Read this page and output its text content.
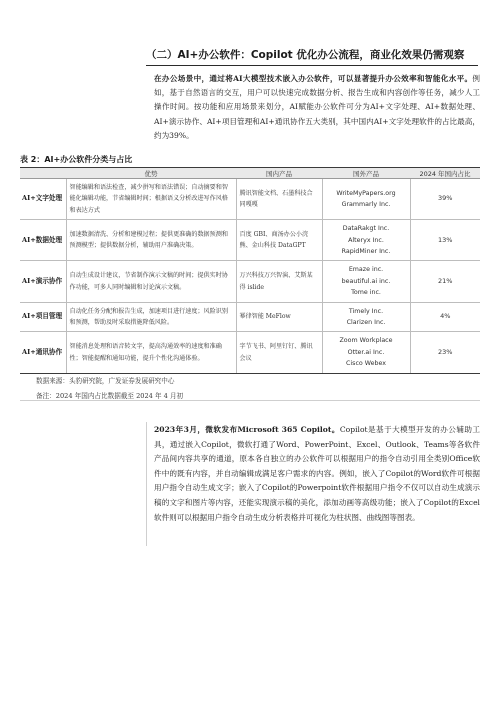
（二）AI+办公软件：Copilot 优化办公流程，商业化效果仍需观察
在办公场景中，通过将AI大模型技术嵌入办公软件，可以显著提升办公效率和智能化水平。例如，基于自然语言的交互，用户可以快速完成数据分析、报告生成和内容创作等任务，减少人工操作时间。按功能和应用场景来划分，AI赋能办公软件可分为AI+文字处理、AI+数据处理、AI+演示协作、AI+项目管理和AI+通讯协作五大类别，其中国内AI+文字处理软件的占比最高，约为39%。
表 2：AI+办公软件分类与占比
	优势	国内产品	国外产品	2024 年国内占比
AI+文字处理	智能编辑和语法检查，减少拼写和语法错误；自动摘要和智能化编辑功能，节省编辑时间；根据语义分析改进写作风格和表达方式	腾讯智能文档、石墨科技合同嘎嘎	WriteMyPapers.org
Grammarly Inc.	39%
AI+数据处理	加速数据清洗、分析和建模过程；提供更准确的数据预测和预测模型；提供数据分析，辅助用户准确决策。	百度 GBI、商汤办公小浣熊、金山科技 DataGPT	DataRakgt Inc.
Alteryx Inc.
RapidMiner Inc.	13%
AI+演示协作	自动生成设计建议，节省制作演示文稿的时间；提供实时协作功能，可多人同时编辑和讨论演示文稿。	万兴科技万兴智演、艾斯某得 islide	Emaze inc.
beautiful.ai inc.
Tome inc.	21%
AI+项目管理	自动化任务分配和报告生成，加速项目进行速度；风险识别和预测，帮助及时采取措施降低风险。	幂律智能 MeFlow	Timely Inc.
Clarizen Inc.	4%
AI+通讯协作	智能消息处理和语音转文字，提高沟通效率的速度和准确性；智能提醒和通知功能，提升个性化沟通体验。	字节飞书、阿里钉钉、腾讯会议	Zoom Workplace
Otter.ai Inc.
Cisco Webex	23%
数据来源：头豹研究院，广发证券发展研究中心
备注：2024 年国内占比数据截至 2024 年 4 月初
2023年3月，微软发布Microsoft 365 Copilot。Copilot是基于大模型开发的办公辅助工具，通过嵌入Copilot，微软打通了Word、PowerPoint、Excel、Outlook、Teams等各软件产品间内容共享的通道，原本各自独立的办公软件可以根据用户的指令自动引用全类别Office软件中的既有内容，并自动编辑成满足客户需求的内容。例如，嵌入了Copilot的Word软件可根据用户指令自动生成文字；嵌入了Copilot的Powerpoint软件根据用户指令不仅可以自动生成演示稿的文字和图片等内容，还能实现演示稿的美化，添加动画等高级功能；嵌入了Copilot的Excel软件则可以根据用户指令自动生成分析表格并可视化为柱状图、曲线图等图表。
